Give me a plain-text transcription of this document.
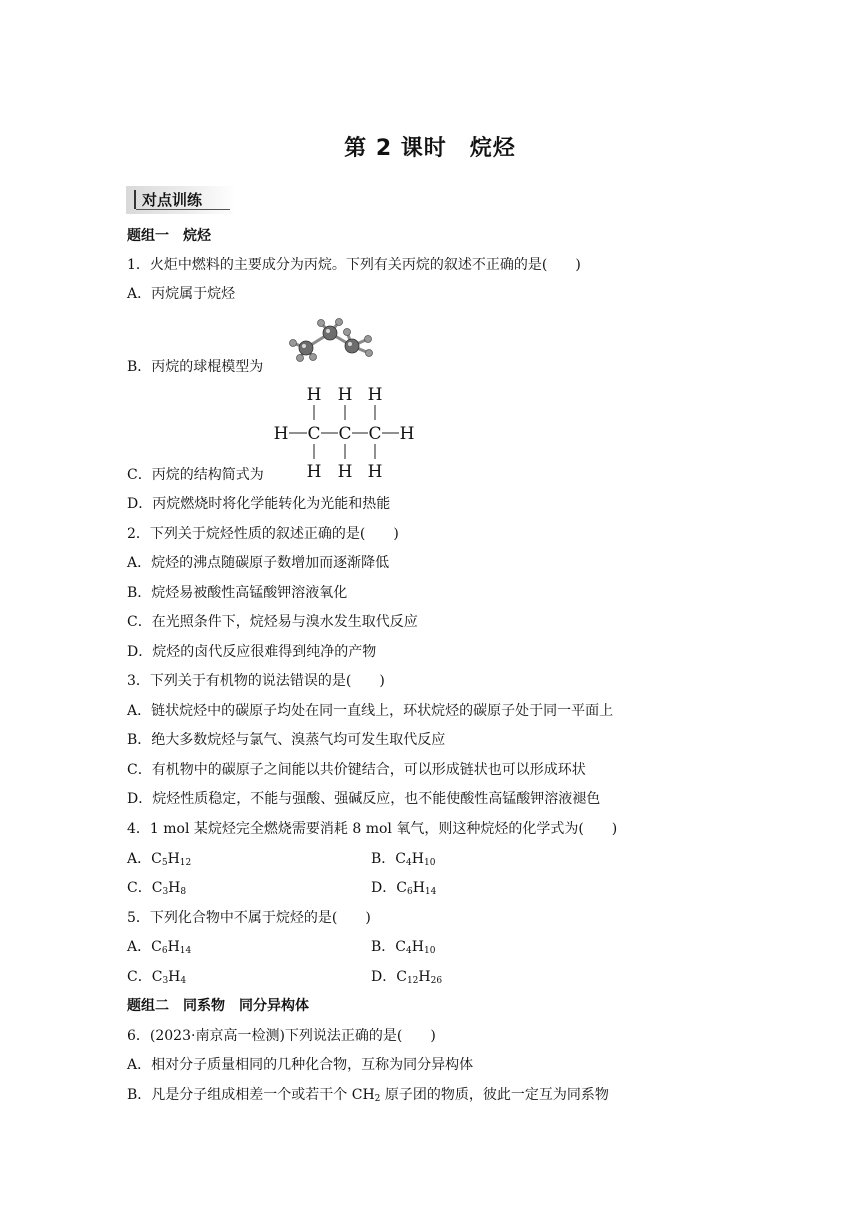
第 2 课时　烷烃
对点训练
题组一　烷烃
1．火炬中燃料的主要成分为丙烷。下列有关丙烷的叙述不正确的是(　　)
A．丙烷属于烷烃
B．丙烷的球棍模型为
H H H
H C C C H
H H H
C．丙烷的结构简式为
D．丙烷燃烧时将化学能转化为光能和热能
2．下列关于烷烃性质的叙述正确的是(　　)
A．烷烃的沸点随碳原子数增加而逐渐降低
B．烷烃易被酸性高锰酸钾溶液氧化
C．在光照条件下，烷烃易与溴水发生取代反应
D．烷烃的卤代反应很难得到纯净的产物
3．下列关于有机物的说法错误的是(　　)
A．链状烷烃中的碳原子均处在同一直线上，环状烷烃的碳原子处于同一平面上
B．绝大多数烷烃与氯气、溴蒸气均可发生取代反应
C．有机物中的碳原子之间能以共价键结合，可以形成链状也可以形成环状
D．烷烃性质稳定，不能与强酸、强碱反应，也不能使酸性高锰酸钾溶液褪色
4．1 mol 某烷烃完全燃烧需要消耗 8 mol 氧气，则这种烷烃的化学式为(　　)
A．$C_5H_{12}$	B．$C_4H_{10}$
C．$C_3H_8$	D．$C_6H_{14}$
5．下列化合物中不属于烷烃的是(　　)
A．$C_6H_{14}$	B．$C_4H_{10}$
C．$C_3H_4$	D．$C_{12}H_{26}$
题组二　同系物　同分异构体
6．(2023·南京高一检测)下列说法正确的是(　　)
A．相对分子质量相同的几种化合物，互称为同分异构体
B．凡是分子组成相差一个或若干个 $CH_2$ 原子团的物质，彼此一定互为同系物
